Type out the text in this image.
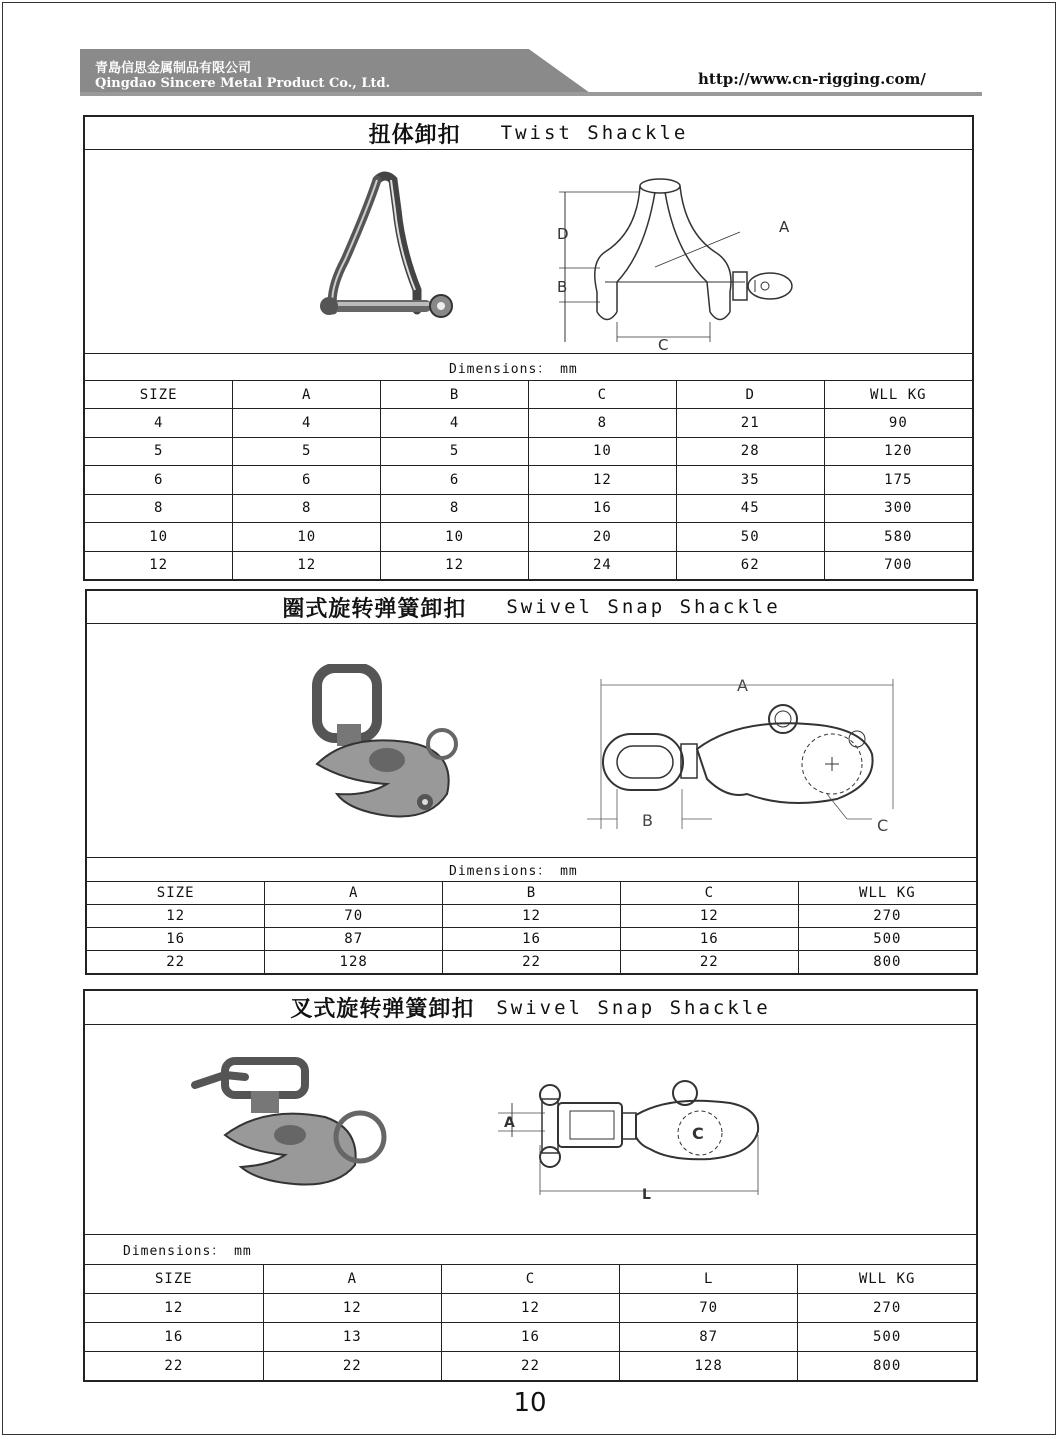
青島信思金属制品有限公司
Qingdao Sincere Metal Product Co., Ltd.	http://www.cn-rigging.com/
扭体卸扣 Twist Shackle
A
D
B
C
Dimensions： mm
SIZE	A	B	C	D	WLL KG
4	4	4	8	21	90
5	5	5	10	28	120
6	6	6	12	35	175
8	8	8	16	45	300
10	10	10	20	50	580
12	12	12	24	62	700
圈式旋转弹簧卸扣 Swivel Snap Shackle
A
B	C
Dimensions： mm
SIZE	A	B	C	WLL KG
12	70	12	12	270
16	87	16	16	500
22	128	22	22	800
叉式旋转弹簧卸扣 Swivel Snap Shackle
A
C
L
Dimensions： mm
SIZE	A	C	L	WLL KG
12	12	12	70	270
16	13	16	87	500
22	22	22	128	800
10
